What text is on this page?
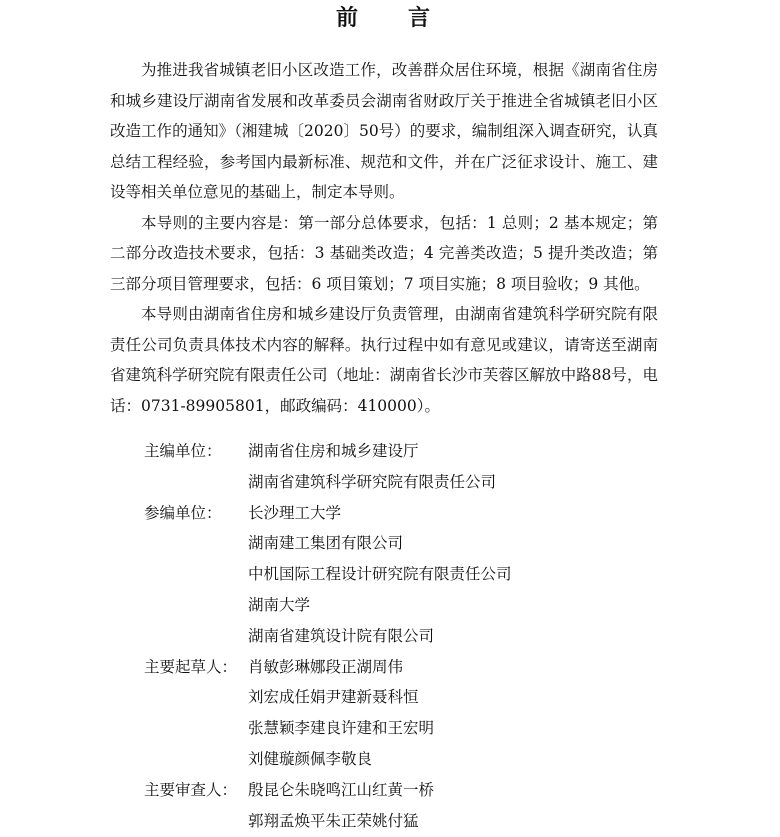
前　言

为推进我省城镇老旧小区改造工作，改善群众居住环境，根据《湖南省住房和城乡建设厅湖南省发展和改革委员会湖南省财政厅关于推进全省城镇老旧小区改造工作的通知》（湘建城〔2020〕50号）的要求，编制组深入调查研究，认真总结工程经验，参考国内最新标准、规范和文件，并在广泛征求设计、施工、建设等相关单位意见的基础上，制定本导则。

本导则的主要内容是：第一部分总体要求，包括：1 总则；2 基本规定；第二部分改造技术要求，包括：3 基础类改造；4 完善类改造；5 提升类改造；第三部分项目管理要求，包括：6 项目策划；7 项目实施；8 项目验收；9 其他。

本导则由湖南省住房和城乡建设厅负责管理，由湖南省建筑科学研究院有限责任公司负责具体技术内容的解释。执行过程中如有意见或建议，请寄送至湖南省建筑科学研究院有限责任公司（地址：湖南省长沙市芙蓉区解放中路88号，电话：0731-89905801，邮政编码：410000）。

主编单位：	湖南省住房和城乡建设厅
湖南省建筑科学研究院有限责任公司
参编单位：	长沙理工大学
湖南建工集团有限公司
中机国际工程设计研究院有限责任公司
湖南大学
湖南省建筑设计院有限公司
主要起草人： 肖敏彭琳娜段正湖周伟
刘宏成任娟尹建新聂科恒
张慧颖李建良许建和王宏明
刘健璇颜佩李敬良
主要审查人： 殷昆仑朱晓鸣江山红黄一桥
郭翔孟焕平朱正荣姚付猛
